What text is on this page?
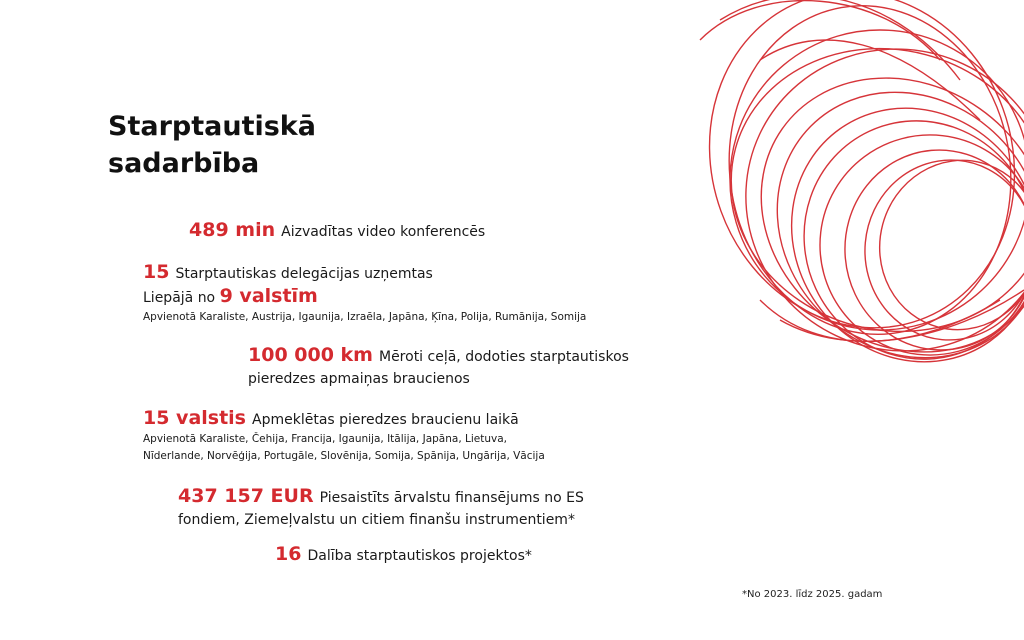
Starptautiskā
sadarbība
489 min Aizvadītas video konferencēs
15 Starptautiskas delegācijas uzņemtas
Liepājā no 9 valstīm
Apvienotā Karaliste, Austrija, Igaunija, Izraēla, Japāna, Ķīna, Polija, Rumānija, Somija
100 000 km Mēroti ceļā, dodoties starptautiskos
pieredzes apmaiņas braucienos
15 valstis Apmeklētas pieredzes braucienu laikā
Apvienotā Karaliste, Čehija, Francija, Igaunija, Itālija, Japāna, Lietuva,
Nīderlande, Norvēģija, Portugāle, Slovēnija, Somija, Spānija, Ungārija, Vācija
437 157 EUR Piesaistīts ārvalstu finansējums no ES
fondiem, Ziemeļvalstu un citiem finanšu instrumentiem*
16 Dalība starptautiskos projektos*
*No 2023. līdz 2025. gadam
